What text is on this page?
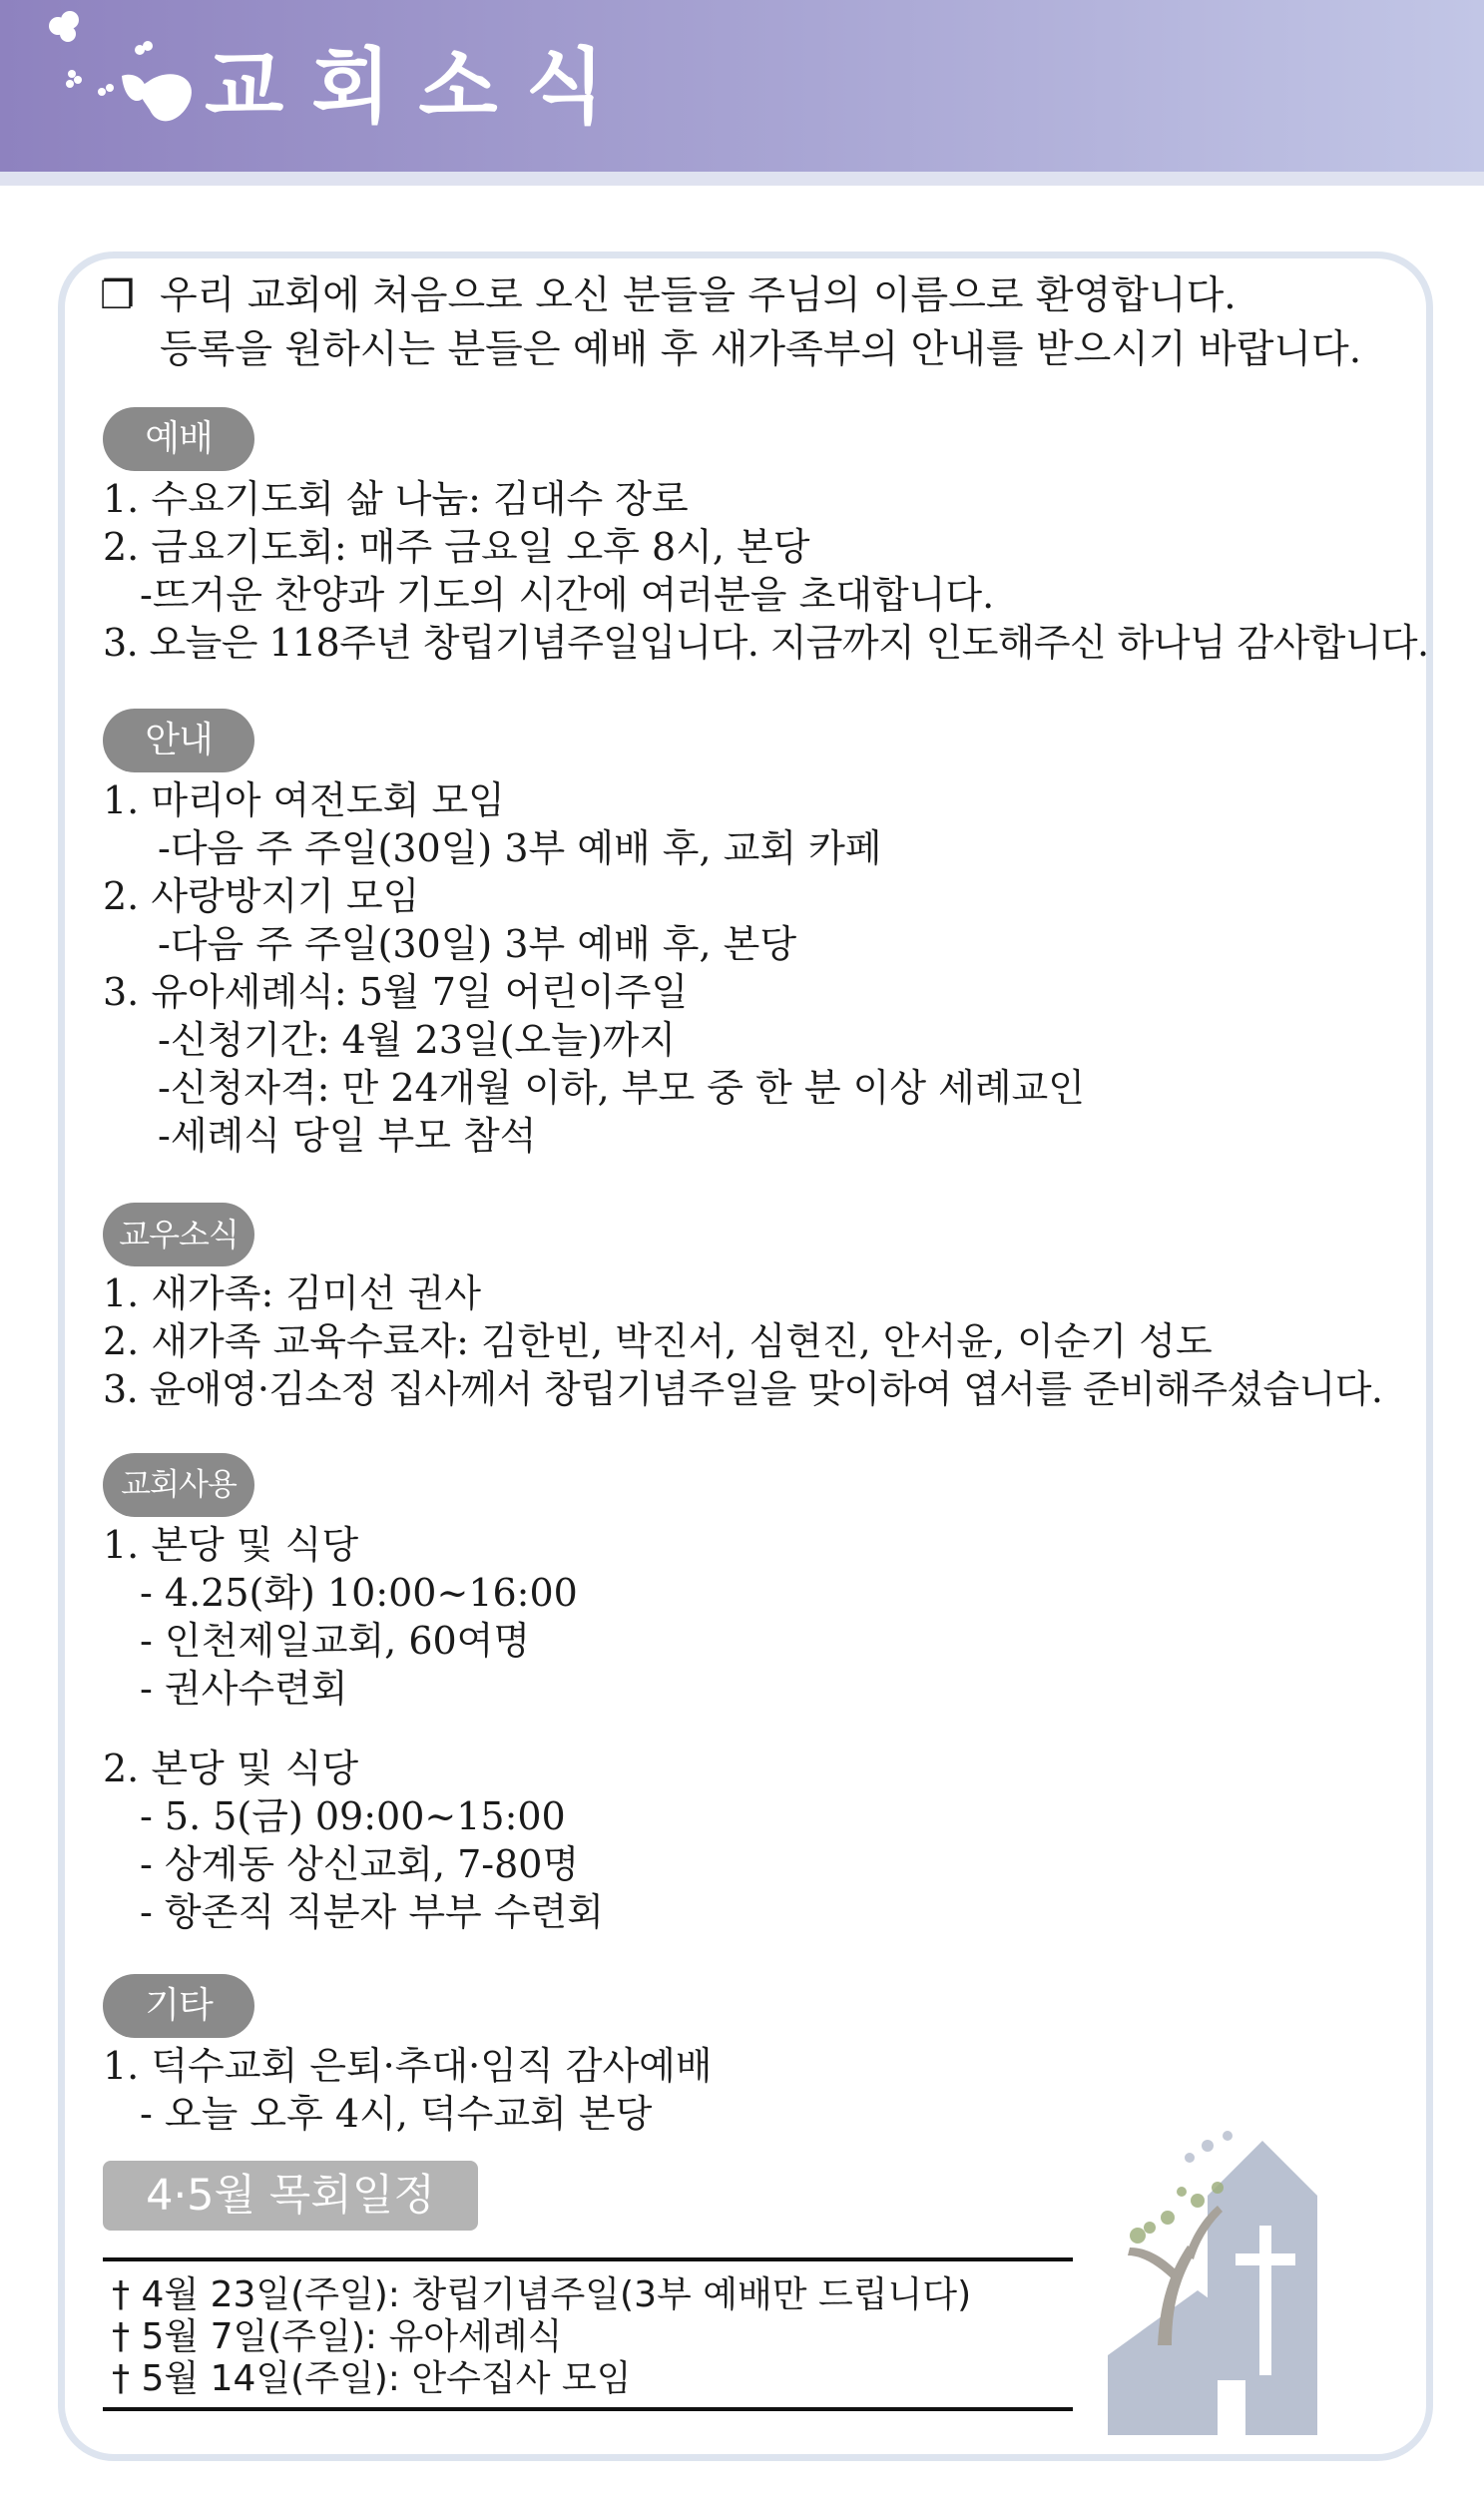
교회소식
❐ 우리 교회에 처음으로 오신 분들을 주님의 이름으로 환영합니다.
등록을 원하시는 분들은 예배 후 새가족부의 안내를 받으시기 바랍니다.
예배
1. 수요기도회 삶 나눔: 김대수 장로
2. 금요기도회: 매주 금요일 오후 8시, 본당
-뜨거운 찬양과 기도의 시간에 여러분을 초대합니다.
3. 오늘은 118주년 창립기념주일입니다. 지금까지 인도해주신 하나님 감사합니다.
안내
1. 마리아 여전도회 모임
-다음 주 주일(30일) 3부 예배 후, 교회 카페
2. 사랑방지기 모임
-다음 주 주일(30일) 3부 예배 후, 본당
3. 유아세례식: 5월 7일 어린이주일
-신청기간: 4월 23일(오늘)까지
-신청자격: 만 24개월 이하, 부모 중 한 분 이상 세례교인
-세례식 당일 부모 참석
교우소식
1. 새가족: 김미선 권사
2. 새가족 교육수료자: 김한빈, 박진서, 심현진, 안서윤, 이순기 성도
3. 윤애영·김소정 집사께서 창립기념주일을 맞이하여 엽서를 준비해주셨습니다.
교회사용
1. 본당 및 식당
- 4.25(화) 10:00~16:00
- 인천제일교회, 60여명
- 권사수련회
2. 본당 및 식당
- 5. 5(금) 09:00~15:00
- 상계동 상신교회, 7-80명
- 항존직 직분자 부부 수련회
기타
1. 덕수교회 은퇴·추대·임직 감사예배
- 오늘 오후 4시, 덕수교회 본당
4·5월 목회일정
† 4월 23일(주일): 창립기념주일(3부 예배만 드립니다)
† 5월 7일(주일): 유아세례식
† 5월 14일(주일): 안수집사 모임
